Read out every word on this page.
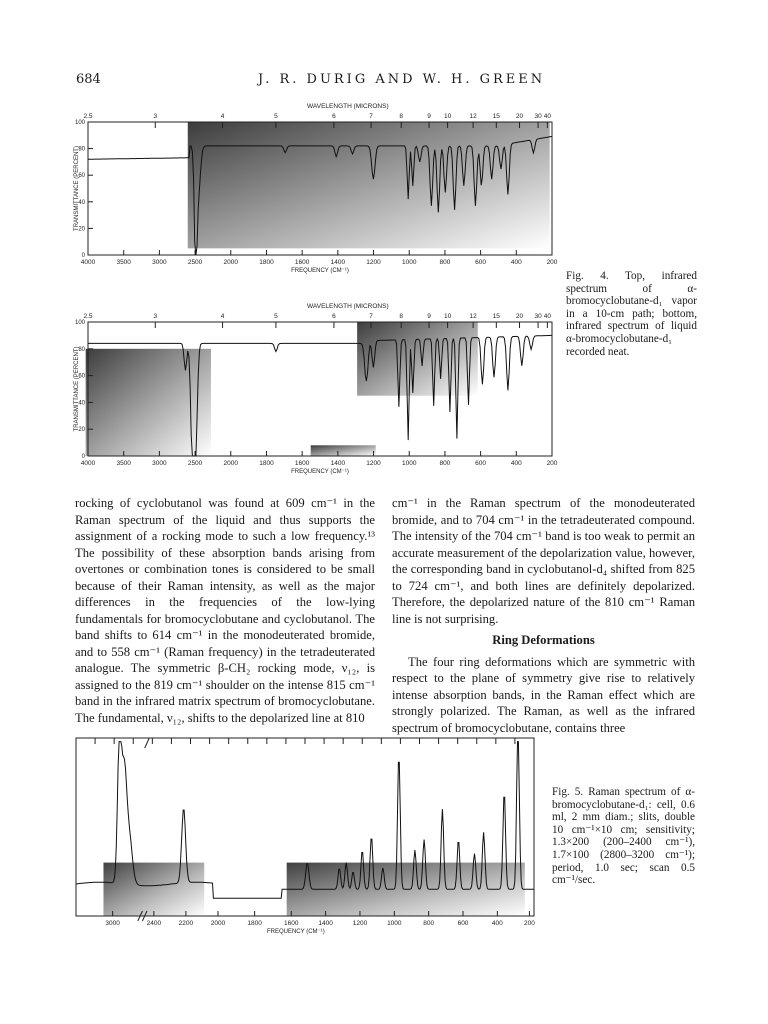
684	J. R. DURIG AND W. H. GREEN
WAVELENGTH (MICRONS)
2.5	3	4	5	6	7	8	9 10	12 15 20 30 40
100
80
60
40
20
0
TRANSMITTANCE (PERCENT)
4000	3500	3000	2500	2000	1800	1600	1400	1200	1000	800	600	400	200
FREQUENCY (CM⁻¹)
WAVELENGTH (MICRONS)
2.5	3	4	5	6	7	8	9 10	12 15 20 30 40
100
80
60
40
20
0
TRANSMITTANCE (PERCENT)
4000	3500	3000	2500	2000	1800	1600	1400	1200	1000	800	600	400	200
FREQUENCY (CM⁻¹)
Fig. 4. Top, infrared spectrum of α-bromocyclobutane-d₁ vapor in a 10-cm path; bottom, infrared spectrum of liquid α-bromocyclobutane-d₁ recorded neat.

rocking of cyclobutanol was found at 609 cm⁻¹ in the Raman spectrum of the liquid and thus supports the assignment of a rocking mode to such a low frequency.¹³ The possibility of these absorption bands arising from overtones or combination tones is considered to be small because of their Raman intensity, as well as the major differences in the frequencies of the low-lying fundamentals for bromocyclobutane and cyclobutanol. The band shifts to 614 cm⁻¹ in the monodeuterated bromide, and to 558 cm⁻¹ (Raman frequency) in the tetradeuterated analogue. The symmetric β-CH₂ rocking mode, ν₁₂, is assigned to the 819 cm⁻¹ shoulder on the intense 815 cm⁻¹ band in the infrared matrix spectrum of bromocyclobutane. The fundamental, ν₁₂, shifts to the depolarized line at 810

cm⁻¹ in the Raman spectrum of the monodeuterated bromide, and to 704 cm⁻¹ in the tetradeuterated compound. The intensity of the 704 cm⁻¹ band is too weak to permit an accurate measurement of the depolarization value, however, the corresponding band in cyclobutanol-d₄ shifted from 825 to 724 cm⁻¹, and both lines are definitely depolarized. Therefore, the depolarized nature of the 810 cm⁻¹ Raman line is not surprising.

Ring Deformations

The four ring deformations which are symmetric with respect to the plane of symmetry give rise to relatively intense absorption bands, in the Raman effect which are strongly polarized. The Raman, as well as the infrared spectrum of bromocyclobutane, contains three

3000	2400	2200	2000	1800	1600	1400	1200	1000	800	600	400	200
FREQUENCY (CM⁻¹)
Fig. 5. Raman spectrum of α-bromocyclobutane-d₁: cell, 0.6 ml, 2 mm diam.; slits, double 10 cm⁻¹×10 cm; sensitivity; 1.3×200 (200–2400 cm⁻¹), 1.7×100 (2800–3200 cm⁻¹); period, 1.0 sec; scan 0.5 cm⁻¹/sec.
